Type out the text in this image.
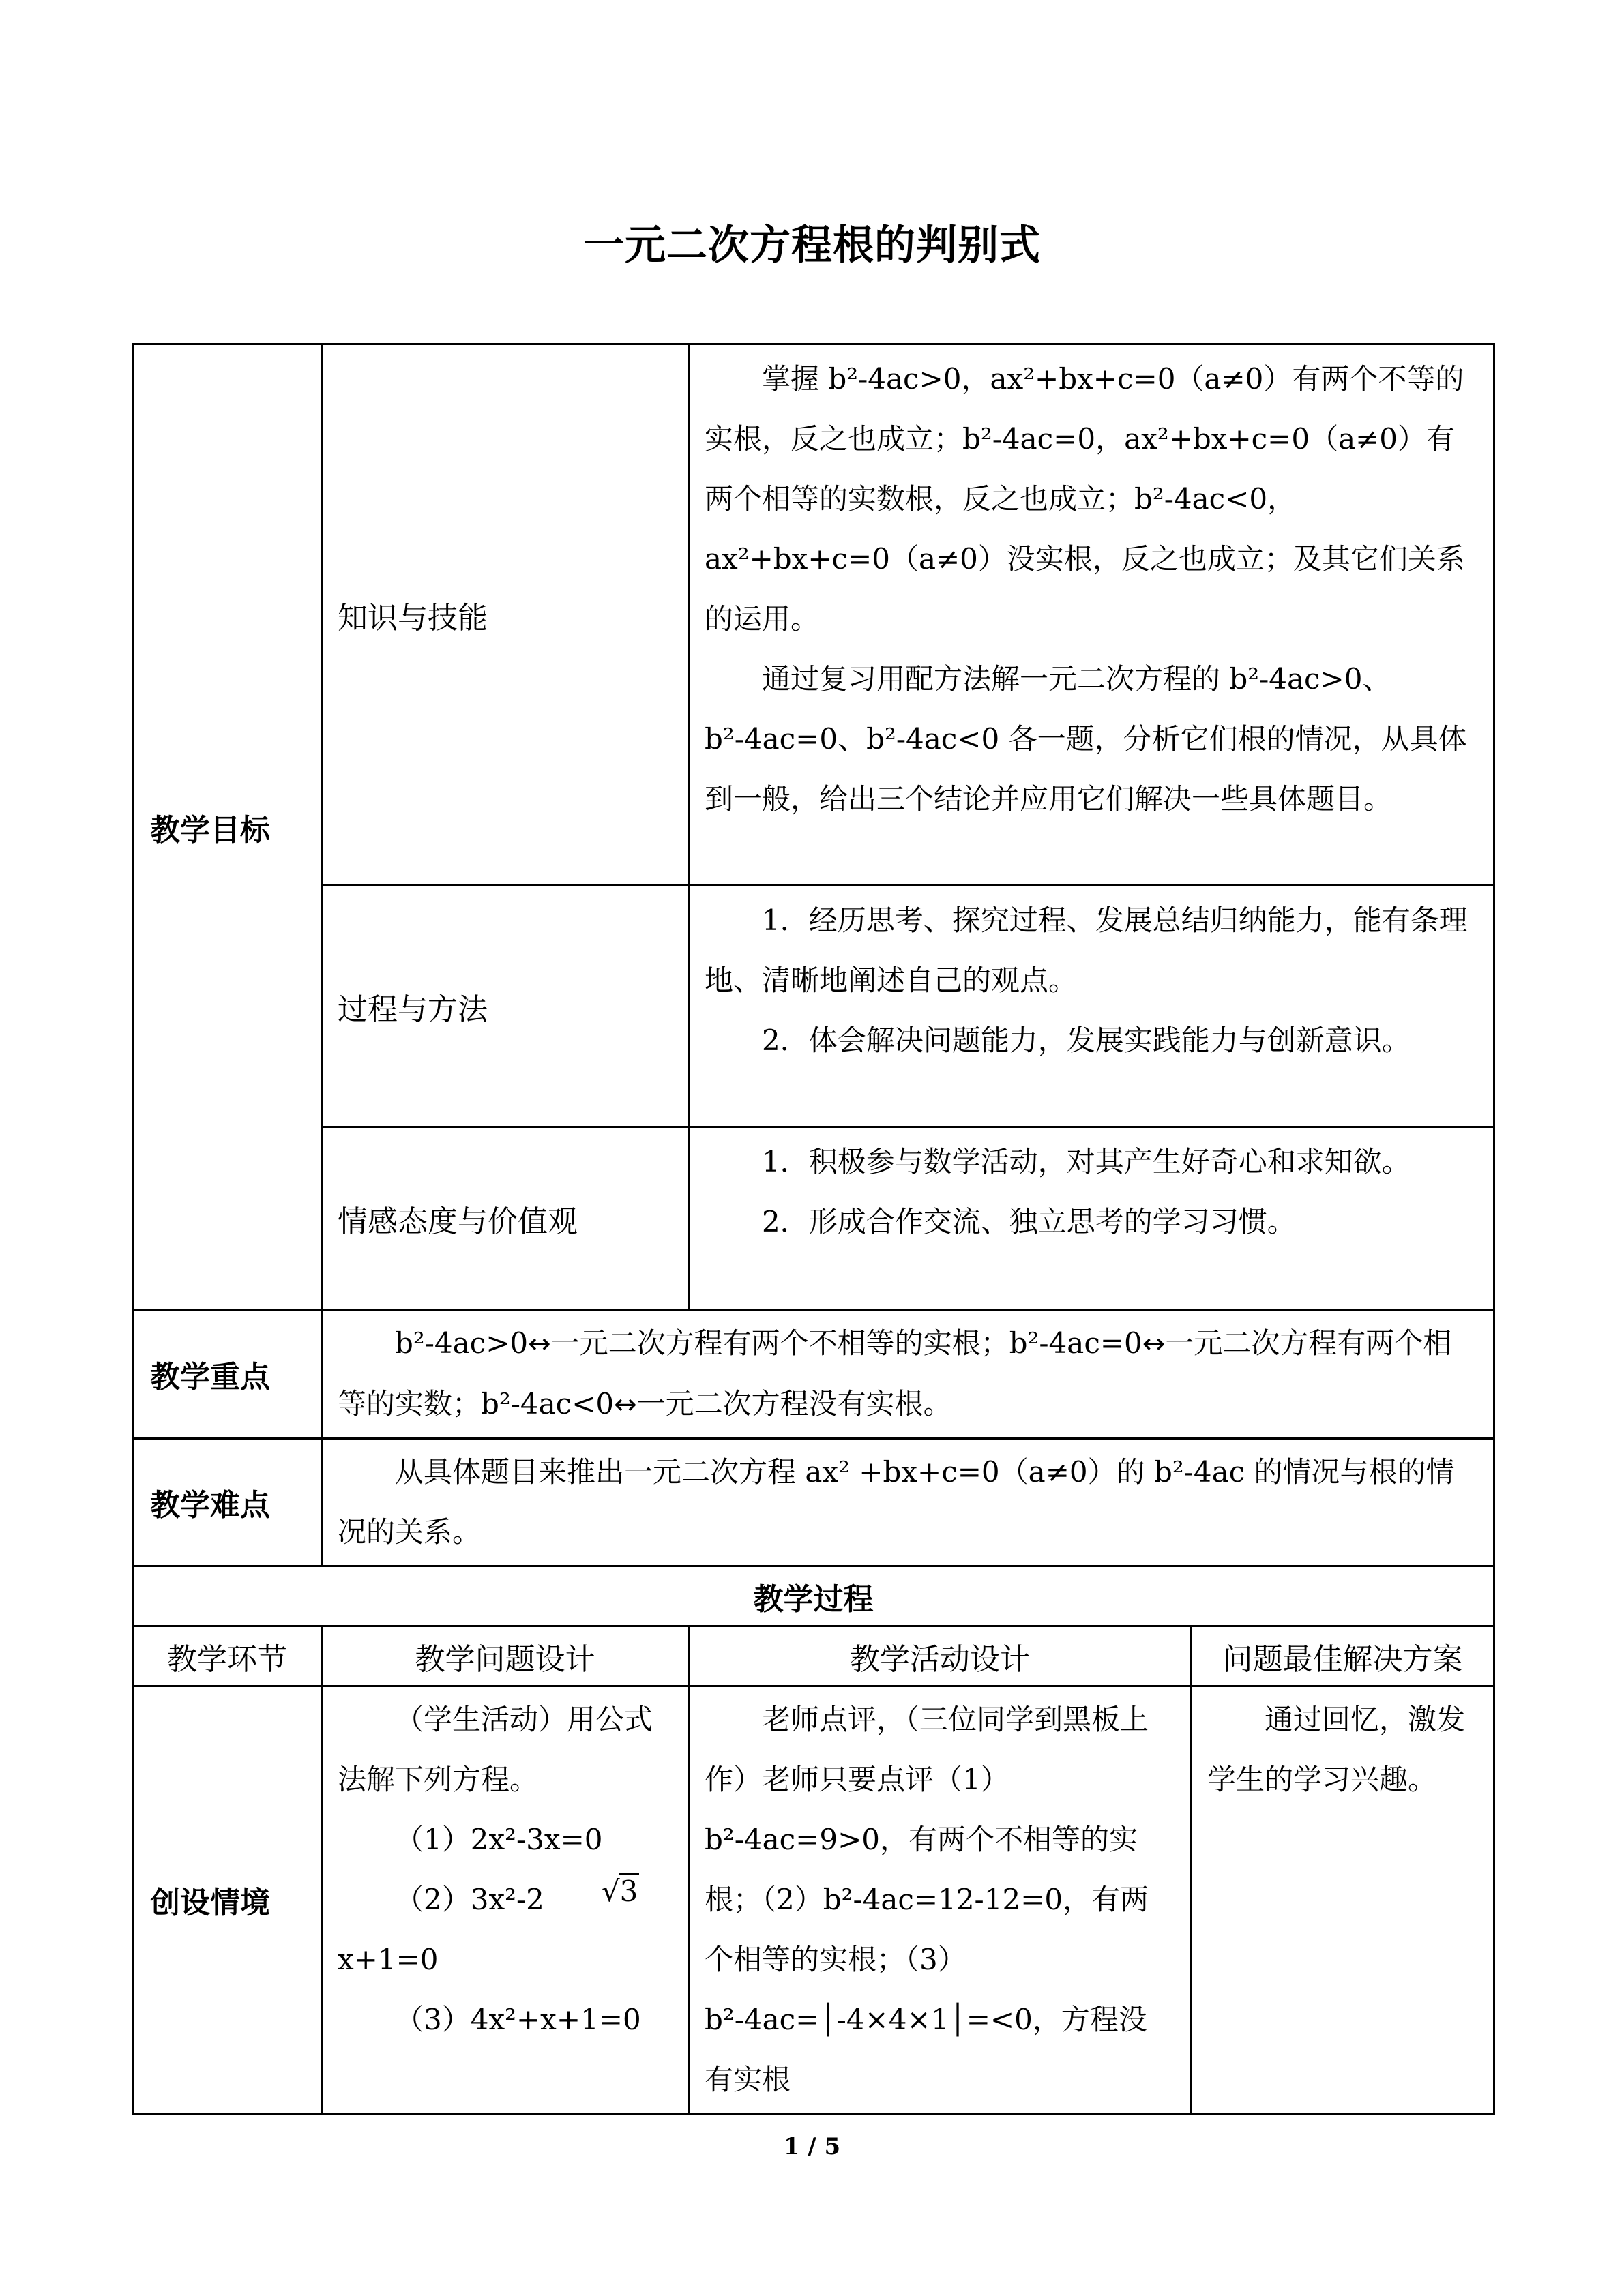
一元二次方程根的判别式
教学目标	知识与技能	掌握 b²-4ac>0，ax²+bx+c=0（a≠0）有两个不等的实根，反之也成立；b²-4ac=0，ax²+bx+c=0（a≠0）有两个相等的实数根，反之也成立；b²-4ac<0，ax²+bx+c=0（a≠0）没实根，反之也成立；及其它们关系的运用。

通过复习用配方法解一元二次方程的 b²-4ac>0、b²-4ac=0、b²-4ac<0 各一题，分析它们根的情况，从具体到一般，给出三个结论并应用它们解决一些具体题目。	

	过程与方法	1．经历思考、探究过程、发展总结归纳能力，能有条理地、清晰地阐述自己的观点。

2．体会解决问题能力，发展实践能力与创新意识。	

	情感态度与价值观	1．积极参与数学活动，对其产生好奇心和求知欲。

2．形成合作交流、独立思考的学习习惯。	

教学重点	b²-4ac>0↔一元二次方程有两个不相等的实根；b²-4ac=0↔一元二次方程有两个相等的实数；b²-4ac<0↔一元二次方程没有实根。		

教学难点	从具体题目来推出一元二次方程 ax² +bx+c=0（a≠0）的 b²-4ac 的情况与根的情况的关系。		

教学过程			
教学环节	教学问题设计	教学活动设计	问题最佳解决方案
创设情境	（学生活动）用公式法解下列方程。

（1）2x²-3x=0

（2）3x²-2 √3

x+1=0

（3）4x²+x+1=0	老师点评，（三位同学到黑板上作）老师只要点评（1）b²-4ac=9>0，有两个不相等的实根；（2）b²-4ac=12-12=0，有两个相等的实根；（3）b²-4ac=│-4×4×1│=<0，方程没有实根	通过回忆，激发学生的学习兴趣。

1 / 5
